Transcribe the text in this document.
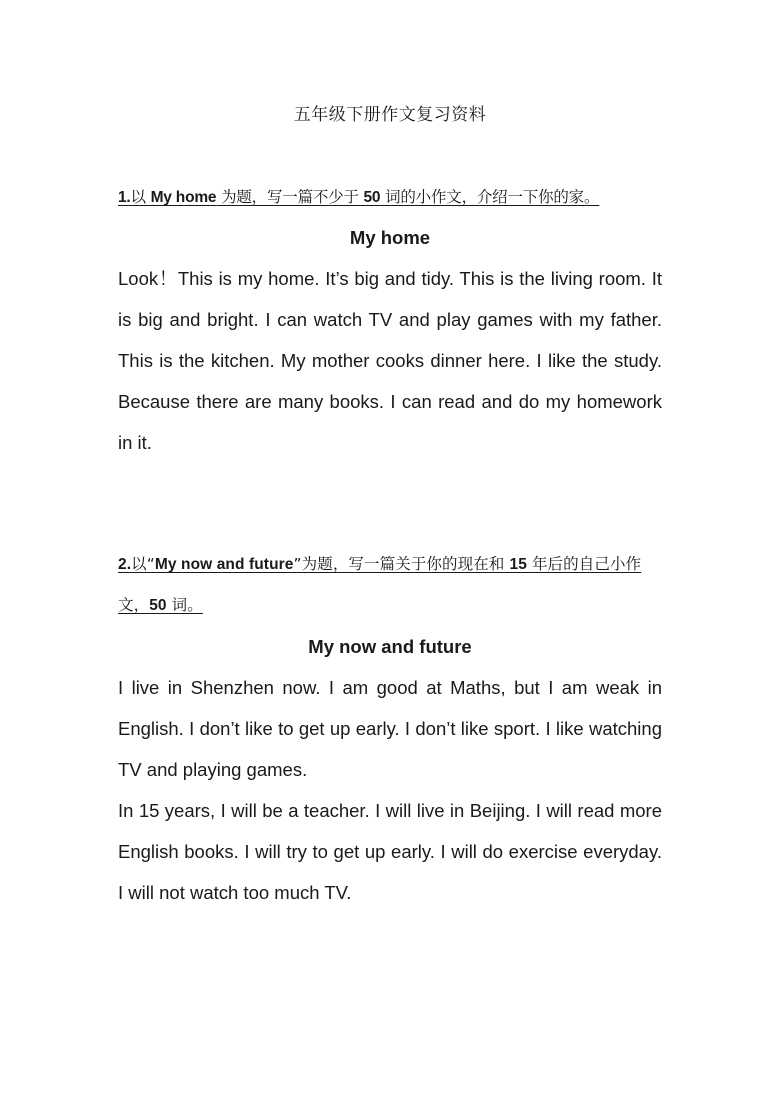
五年级下册作文复习资料
1.以 My home 为题，写一篇不少于 50 词的小作文，介绍一下你的家。
My home

Look！This is my home. It’s big and tidy. This is the living room. It is big and bright. I can watch TV and play games with my father. This is the kitchen. My mother cooks dinner here. I like the study. Because there are many books. I can read and do my homework in it.

2.以“My now and future”为题，写一篇关于你的现在和 15 年后的自己小作文，50 词。
My now and future

I live in Shenzhen now. I am good at Maths, but I am weak in English. I don’t like to get up early. I don’t like sport. I like watching TV and playing games.

In 15 years, I will be a teacher. I will live in Beijing. I will read more English books. I will try to get up early. I will do exercise everyday. I will not watch too much TV.
